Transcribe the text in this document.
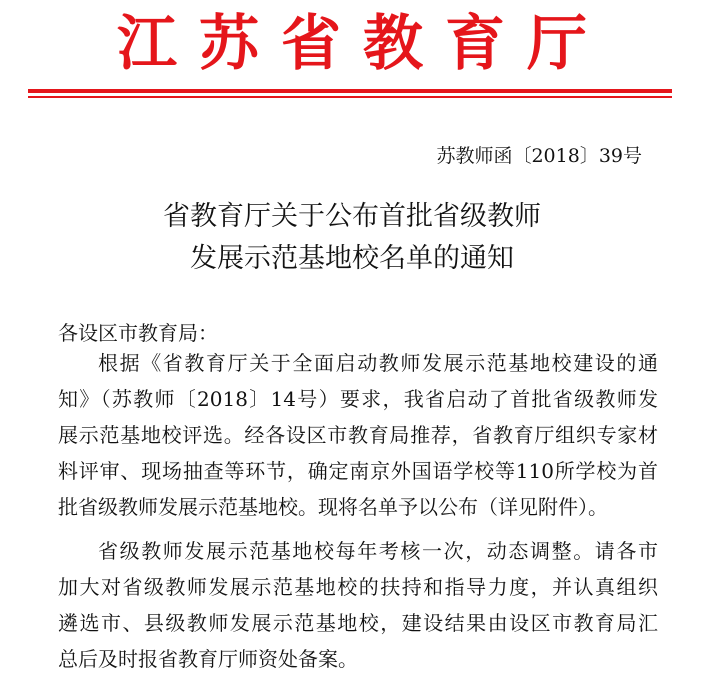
江苏省教育厅
苏教师函〔2018〕39号
省教育厅关于公布首批省级教师
发展示范基地校名单的通知
各设区市教育局：
根据《省教育厅关于全面启动教师发展示范基地校建设的通
知》（苏教师〔2018〕14号）要求，我省启动了首批省级教师发
展示范基地校评选。经各设区市教育局推荐，省教育厅组织专家材
料评审、现场抽查等环节，确定南京外国语学校等110所学校为首
批省级教师发展示范基地校。现将名单予以公布（详见附件）。
省级教师发展示范基地校每年考核一次，动态调整。请各市
加大对省级教师发展示范基地校的扶持和指导力度，并认真组织
遴选市、县级教师发展示范基地校，建设结果由设区市教育局汇
总后及时报省教育厅师资处备案。
